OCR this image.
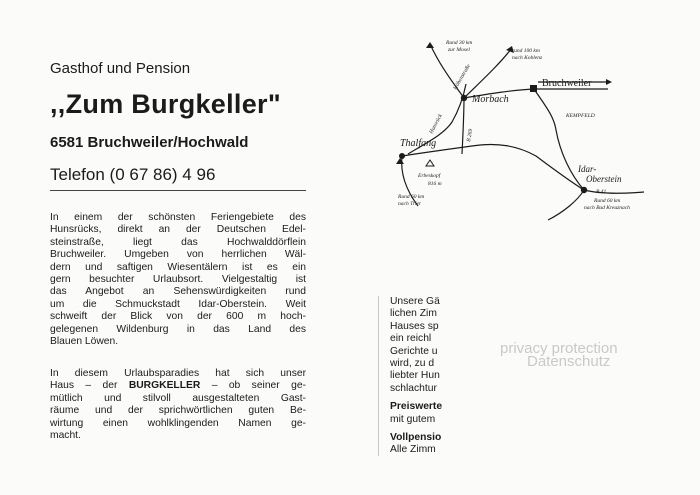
Gasthof und Pension
,,Zum Burgkeller"
6581 Bruchweiler/Hochwald
Telefon (0 67 86) 4 96
In einem der schönsten Feriengebiete des
Hunsrücks, direkt an der Deutschen Edel-
steinstraße, liegt das Hochwalddörflein
Bruchweiler. Umgeben von herrlichen Wäl-
dern und saftigen Wiesentälern ist es ein
gern besuchter Urlaubsort. Vielgestaltig ist
das Angebot an Sehenswürdigkeiten rund
um die Schmuckstadt Idar-Oberstein. Weit
schweift der Blick von der 600 m hoch-
gelegenen Wildenburg in das Land des
Blauen Löwen.
In diesem Urlaubsparadies hat sich unser
Haus – der BURGKELLER – ob seiner ge-
mütlich und stilvoll ausgestalteten Gast-
räume und der sprichwörtlichen guten Be-
wirtung einen wohlklingenden Namen ge-
macht.
Unsere Gä
lichen Zim
Hauses sp
ein reichl
Gerichte u
wird, zu d
liebter Hun
schlachtur
Preiswerte
mit gutem
Vollpensio
Alle Zimm
privacy protection
Datenschutz
Bruchweiler
Morbach
Thalfang
Idar-
Oberstein
Rund 30 km
zur Mosel	rund 100 km
nach Koblenz
Hunsrück
Höhenstraße
KEMPFELD
B 269
B 41
Erbeskopf
816 m
Rund 60 km
nach Trier	Rund 60 km
nach Bad Kreuznach
